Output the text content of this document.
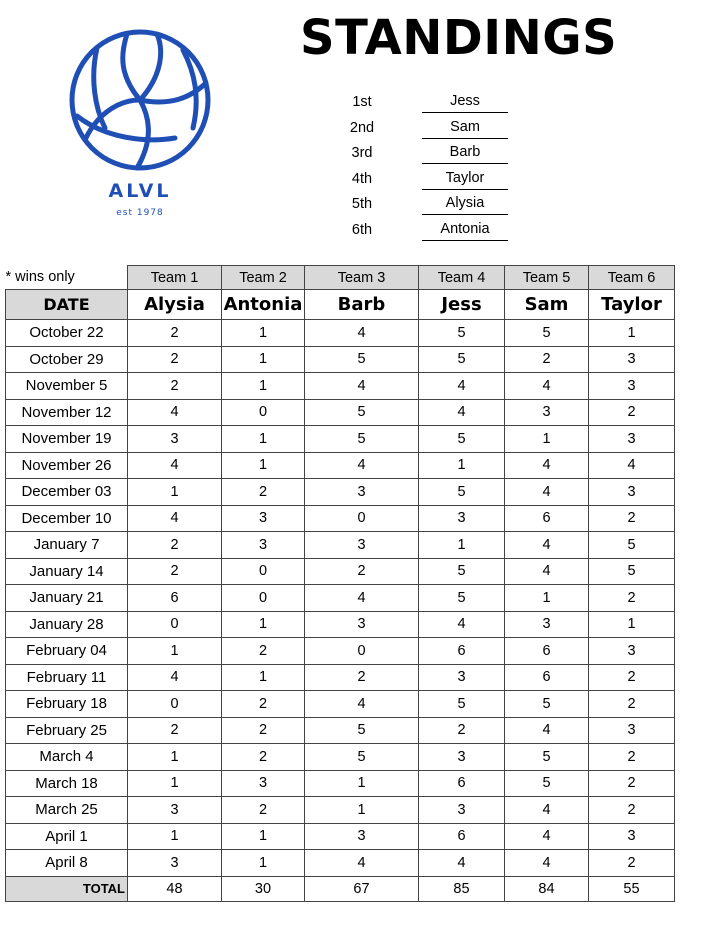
ALVL
est 1978
STANDINGS
1st	Jess
2nd	Sam
3rd	Barb
4th	Taylor
5th	Alysia
6th	Antonia
* wins only	Team 1	Team 2	Team 3	Team 4	Team 5	Team 6
DATE	Alysia	Antonia	Barb	Jess	Sam	Taylor
October 22	2	1	4	5	5	1
October 29	2	1	5	5	2	3
November 5	2	1	4	4	4	3
November 12	4	0	5	4	3	2
November 19	3	1	5	5	1	3
November 26	4	1	4	1	4	4
December 03	1	2	3	5	4	3
December 10	4	3	0	3	6	2
January 7	2	3	3	1	4	5
January 14	2	0	2	5	4	5
January 21	6	0	4	5	1	2
January 28	0	1	3	4	3	1
February 04	1	2	0	6	6	3
February 11	4	1	2	3	6	2
February 18	0	2	4	5	5	2
February 25	2	2	5	2	4	3
March 4	1	2	5	3	5	2
March 18	1	3	1	6	5	2
March 25	3	2	1	3	4	2
April 1	1	1	3	6	4	3
April 8	3	1	4	4	4	2
TOTAL	48	30	67	85	84	55
